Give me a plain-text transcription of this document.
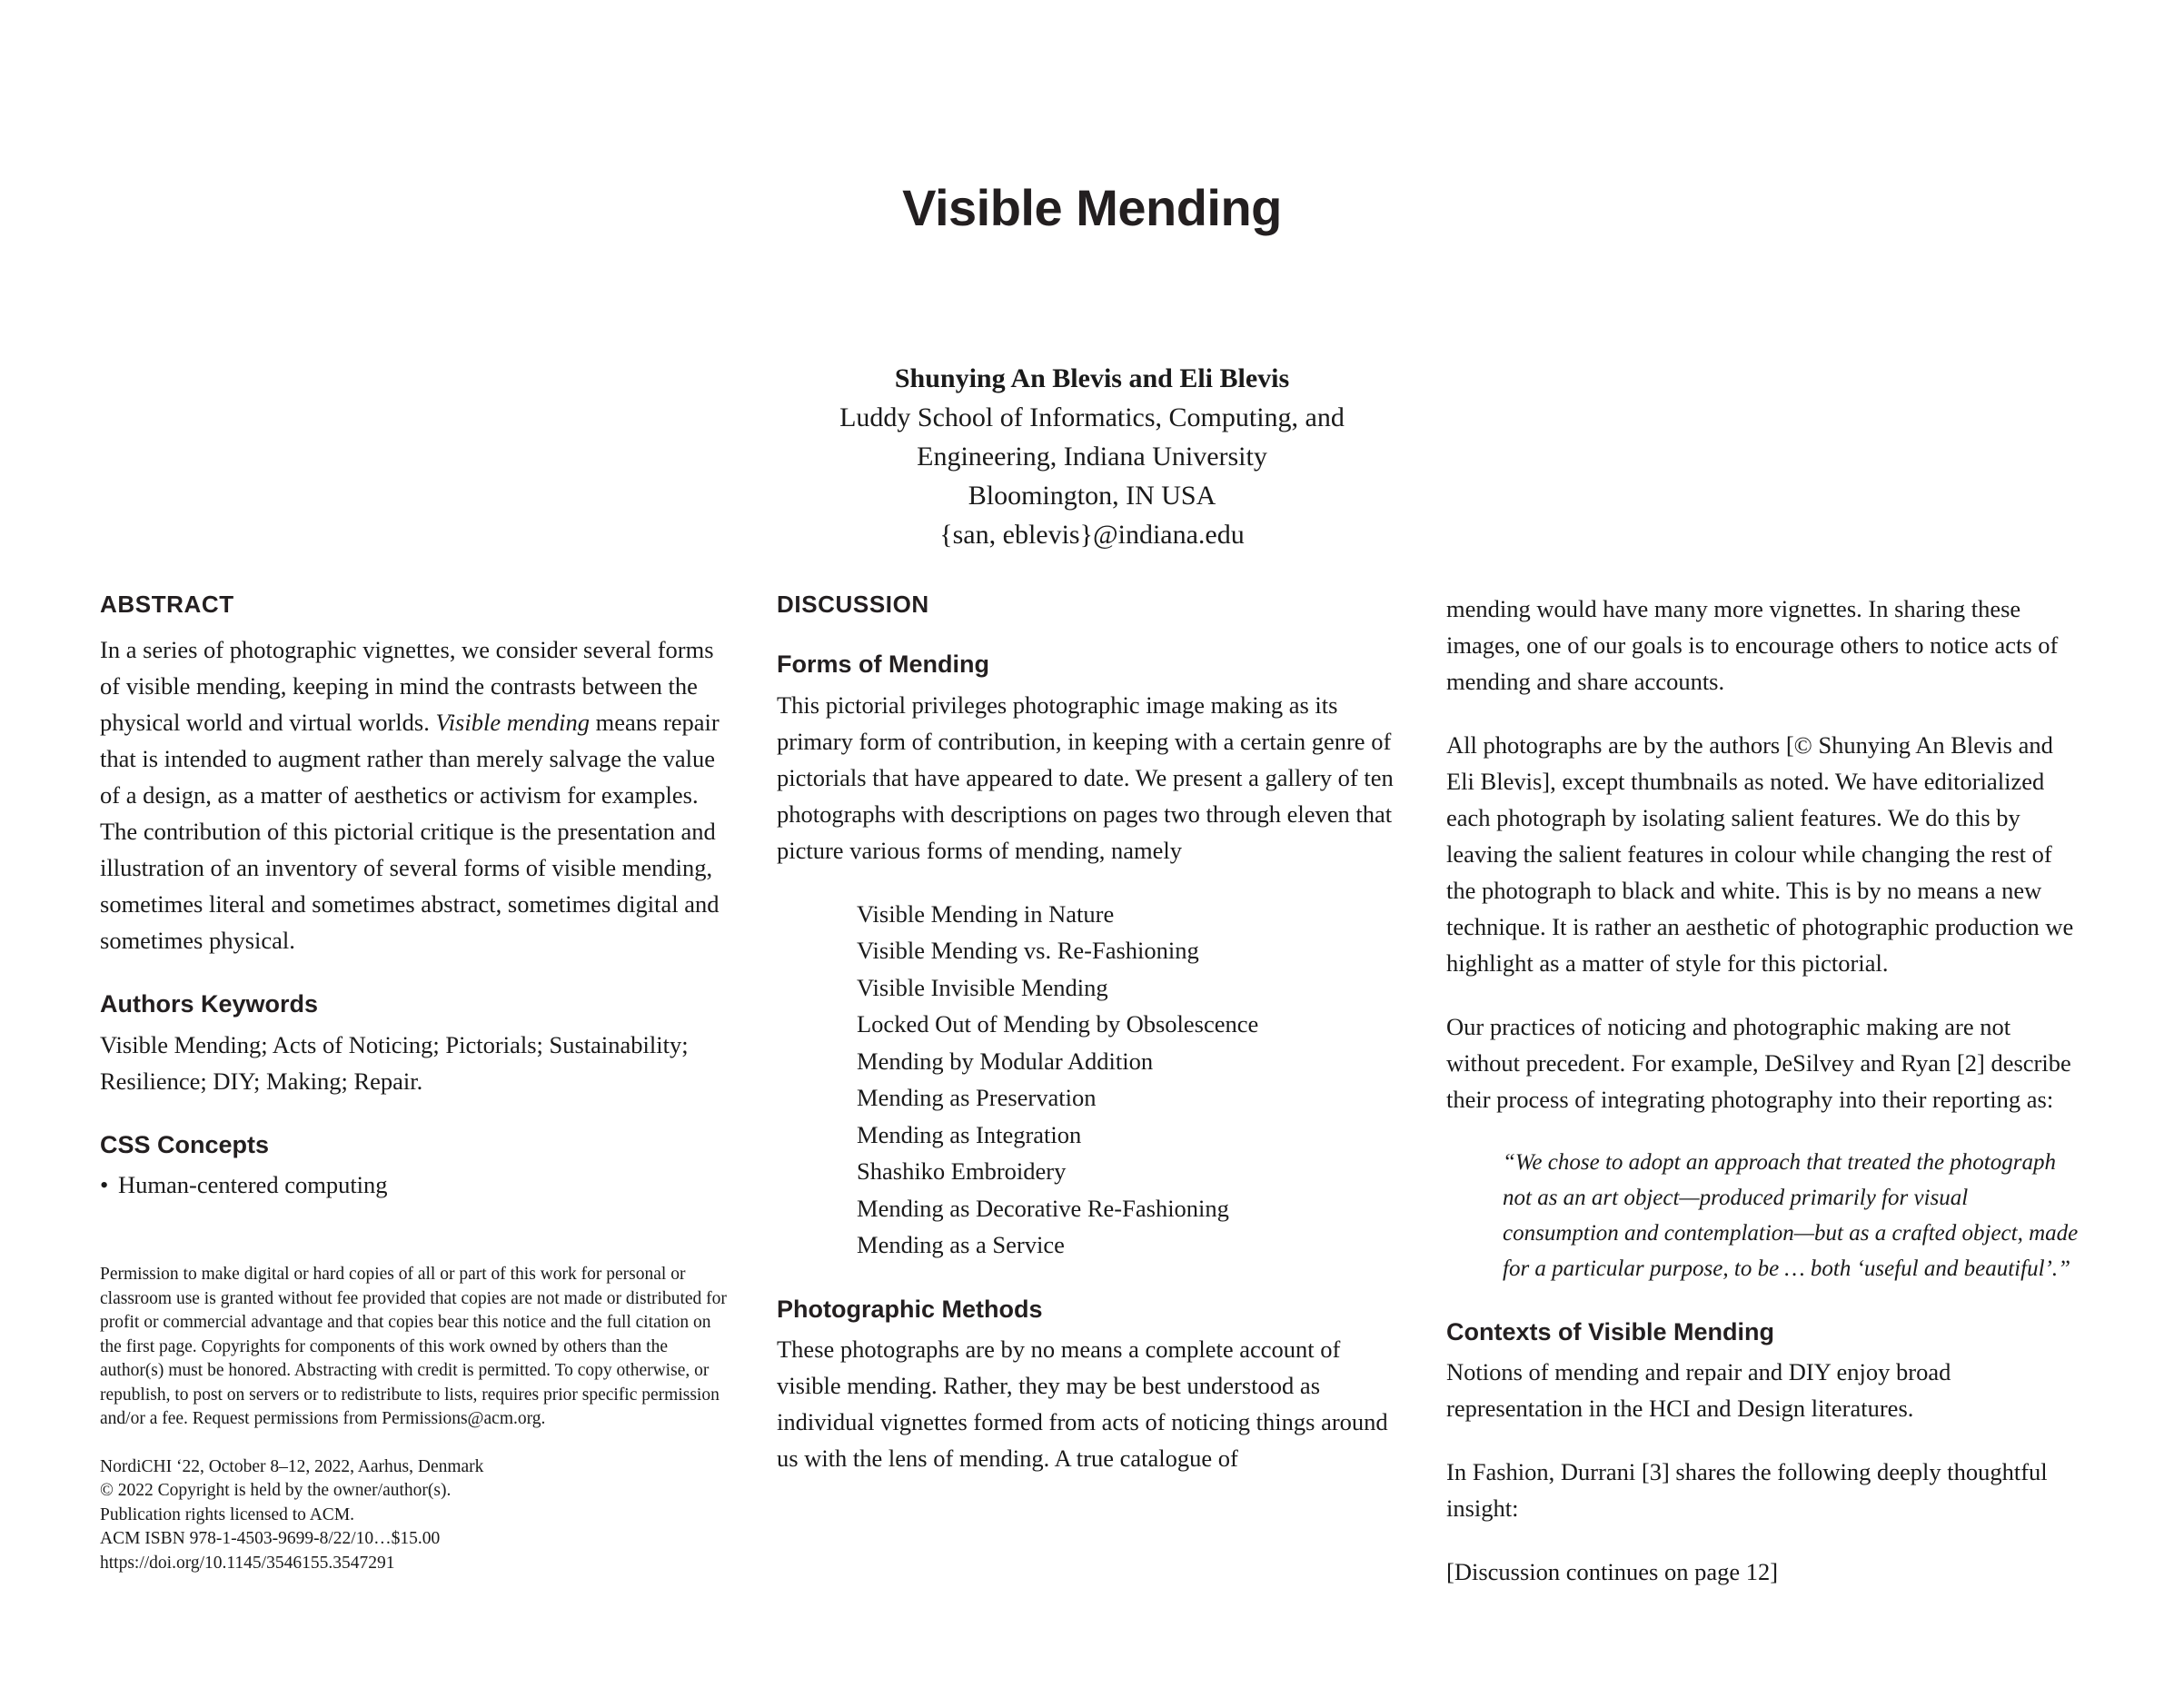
Visible Mending
Shunying An Blevis and Eli Blevis
Luddy School of Informatics, Computing, and
Engineering, Indiana University
Bloomington, IN USA
{san, eblevis}@indiana.edu
ABSTRACT

In a series of photographic vignettes, we consider several forms of visible mending, keeping in mind the contrasts between the physical world and virtual worlds. Visible mending means repair that is intended to augment rather than merely salvage the value of a design, as a matter of aesthetics or activism for examples. The contribution of this pictorial critique is the presentation and illustration of an inventory of several forms of visible mending, sometimes literal and sometimes abstract, sometimes digital and sometimes physical.

Authors Keywords

Visible Mending; Acts of Noticing; Pictorials; Sustainability; Resilience; DIY; Making; Repair.

CSS Concepts
• Human-centered computing

Permission to make digital or hard copies of all or part of this work for personal or classroom use is granted without fee provided that copies are not made or distributed for profit or commercial advantage and that copies bear this notice and the full citation on the first page. Copyrights for components of this work owned by others than the author(s) must be honored. Abstracting with credit is permitted. To copy otherwise, or republish, to post on servers or to redistribute to lists, requires prior specific permission and/or a fee. Request permissions from Permissions@acm.org.

NordiCHI ‘22, October 8–12, 2022, Aarhus, Denmark
© 2022 Copyright is held by the owner/author(s).
Publication rights licensed to ACM.
ACM ISBN 978-1-4503-9699-8/22/10…$15.00
https://doi.org/10.1145/3546155.3547291
DISCUSSION
Forms of Mending

This pictorial privileges photographic image making as its primary form of contribution, in keeping with a certain genre of pictorials that have appeared to date. We present a gallery of ten photographs with descriptions on pages two through eleven that picture various forms of mending, namely

Visible Mending in Nature
Visible Mending vs. Re-Fashioning
Visible Invisible Mending
Locked Out of Mending by Obsolescence
Mending by Modular Addition
Mending as Preservation
Mending as Integration
Shashiko Embroidery
Mending as Decorative Re-Fashioning
Mending as a Service
Photographic Methods

These photographs are by no means a complete account of visible mending. Rather, they may be best understood as individual vignettes formed from acts of noticing things around us with the lens of mending. A true catalogue of

mending would have many more vignettes. In sharing these images, one of our goals is to encourage others to notice acts of mending and share accounts.

All photographs are by the authors [© Shunying An Blevis and Eli Blevis], except thumbnails as noted. We have editorialized each photograph by isolating salient features. We do this by leaving the salient features in colour while changing the rest of the photograph to black and white. This is by no means a new technique. It is rather an aesthetic of photographic production we highlight as a matter of style for this pictorial.

Our practices of noticing and photographic making are not without precedent. For example, DeSilvey and Ryan [2] describe their process of integrating photography into their reporting as:

“We chose to adopt an approach that treated the photograph not as an art object—produced primarily for visual consumption and contemplation—but as a crafted object, made for a particular purpose, to be … both ‘useful and beautiful’.”
Contexts of Visible Mending

Notions of mending and repair and DIY enjoy broad representation in the HCI and Design literatures.

In Fashion, Durrani [3] shares the following deeply thoughtful insight:

[Discussion continues on page 12]
